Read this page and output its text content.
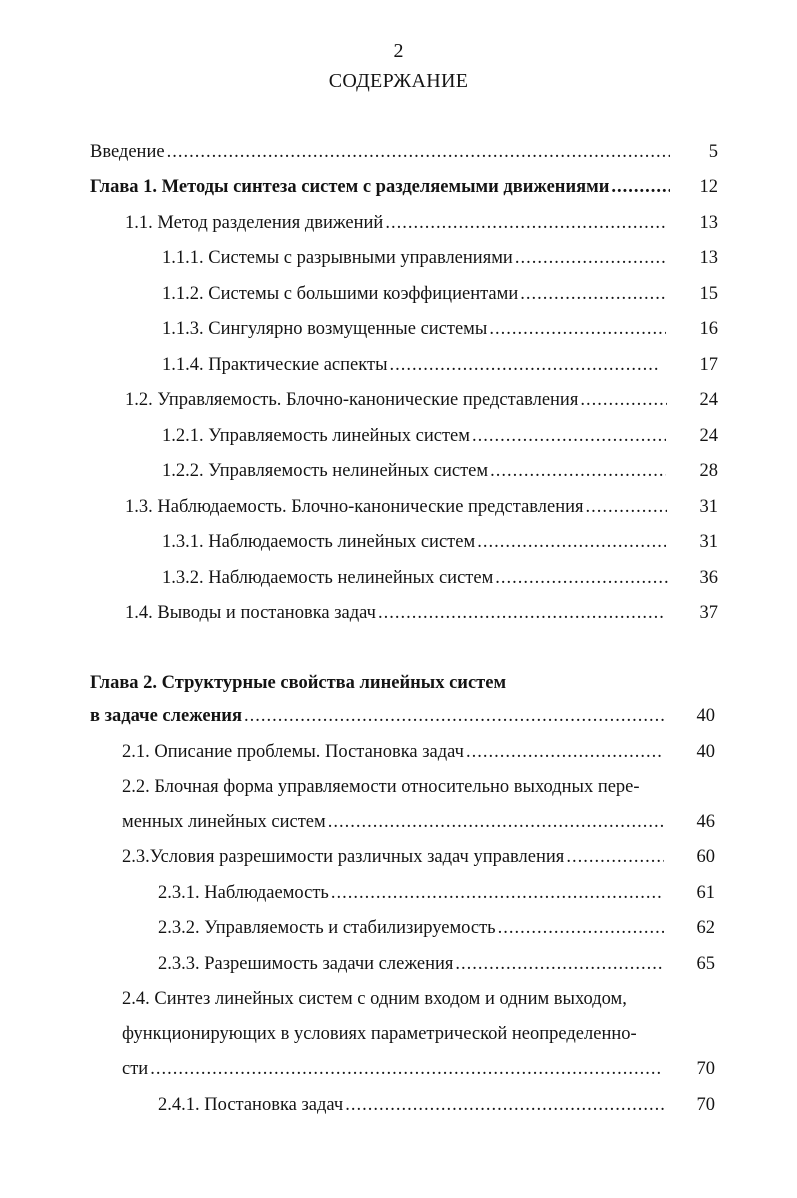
2
СОДЕРЖАНИЕ
Введение .....	5
Глава 1. Методы синтеза систем с разделяемыми движениями .....	12
1.1. Метод разделения движений .....	13
1.1.1. Системы с разрывными управлениями .....	13
1.1.2. Системы с большими коэффициентами .....	15
1.1.3. Сингулярно возмущенные системы .....	16
1.1.4. Практические аспекты .....	17
1.2. Управляемость. Блочно-канонические представления .....	24
1.2.1. Управляемость линейных систем .....	24
1.2.2. Управляемость нелинейных систем .....	28
1.3. Наблюдаемость. Блочно-канонические представления .....	31
1.3.1. Наблюдаемость линейных систем .....	31
1.3.2. Наблюдаемость нелинейных систем .....	36
1.4. Выводы и постановка задач .....	37
Глава 2. Структурные свойства линейных систем
в задаче слежения .....	40
2.1. Описание проблемы. Постановка задач .....	40
2.2. Блочная форма управляемости относительно выходных пере-
менных линейных систем .....	46
2.3.Условия разрешимости различных задач управления .....	60
2.3.1. Наблюдаемость .....	61
2.3.2. Управляемость и стабилизируемость .....	62
2.3.3. Разрешимость задачи слежения .....	65
2.4. Синтез линейных систем с одним входом и одним выходом,
функционирующих в условиях параметрической неопределенно-
сти .....	70
2.4.1. Постановка задач .....	70
